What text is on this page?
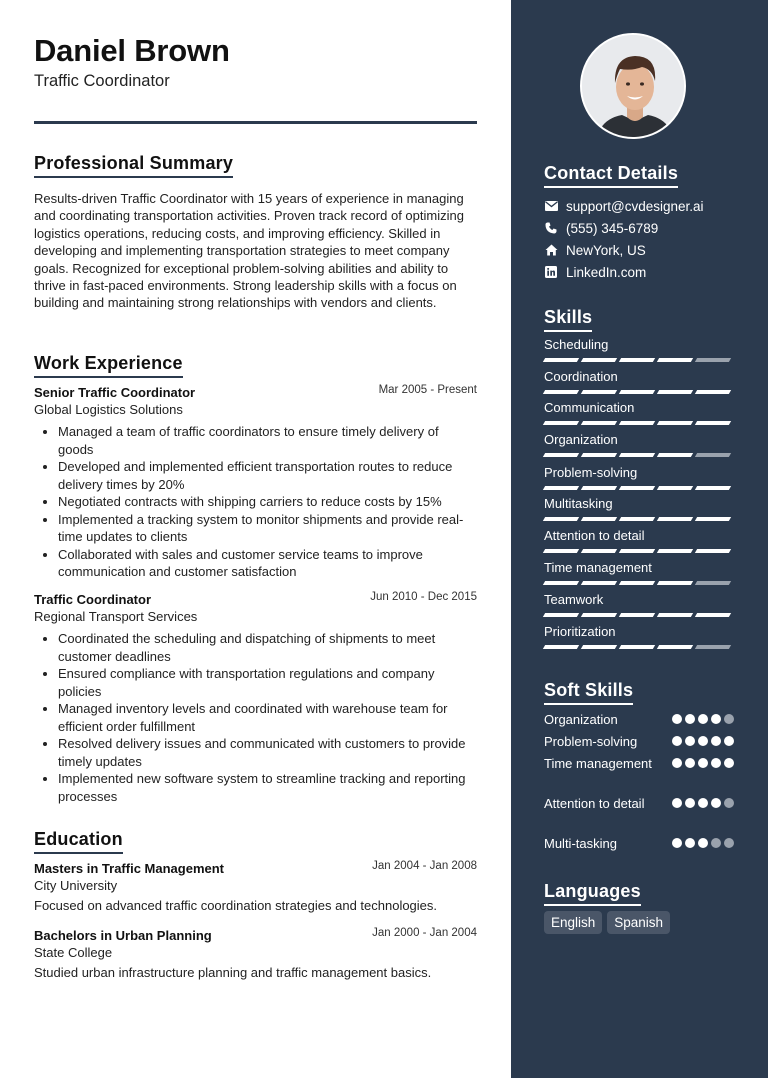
Daniel Brown
Traffic Coordinator
Professional Summary
Results-driven Traffic Coordinator with 15 years of experience in managing and coordinating transportation activities. Proven track record of optimizing logistics operations, reducing costs, and improving efficiency. Skilled in developing and implementing transportation strategies to meet company goals. Recognized for exceptional problem-solving abilities and ability to thrive in fast-paced environments. Strong leadership skills with a focus on building and maintaining strong relationships with vendors and clients.
Work Experience
Senior Traffic Coordinator	Mar 2005 - Present
Global Logistics Solutions
• Managed a team of traffic coordinators to ensure timely delivery of goods
• Developed and implemented efficient transportation routes to reduce delivery times by 20%
• Negotiated contracts with shipping carriers to reduce costs by 15%
• Implemented a tracking system to monitor shipments and provide real-time updates to clients
• Collaborated with sales and customer service teams to improve communication and customer satisfaction
Traffic Coordinator	Jun 2010 - Dec 2015
Regional Transport Services
• Coordinated the scheduling and dispatching of shipments to meet customer deadlines
• Ensured compliance with transportation regulations and company policies
• Managed inventory levels and coordinated with warehouse team for efficient order fulfillment
• Resolved delivery issues and communicated with customers to provide timely updates
• Implemented new software system to streamline tracking and reporting processes
Education
Masters in Traffic Management	Jan 2004 - Jan 2008
City University
Focused on advanced traffic coordination strategies and technologies.
Bachelors in Urban Planning	Jan 2000 - Jan 2004
State College
Studied urban infrastructure planning and traffic management basics.
Contact Details
support@cvdesigner.ai
(555) 345-6789
NewYork, US
LinkedIn.com
Skills
Scheduling
Coordination
Communication
Organization
Problem-solving
Multitasking
Attention to detail
Time management
Teamwork
Prioritization
Soft Skills
Organization
Problem-solving
Time management
Attention to detail
Multi-tasking
Languages
English	Spanish
